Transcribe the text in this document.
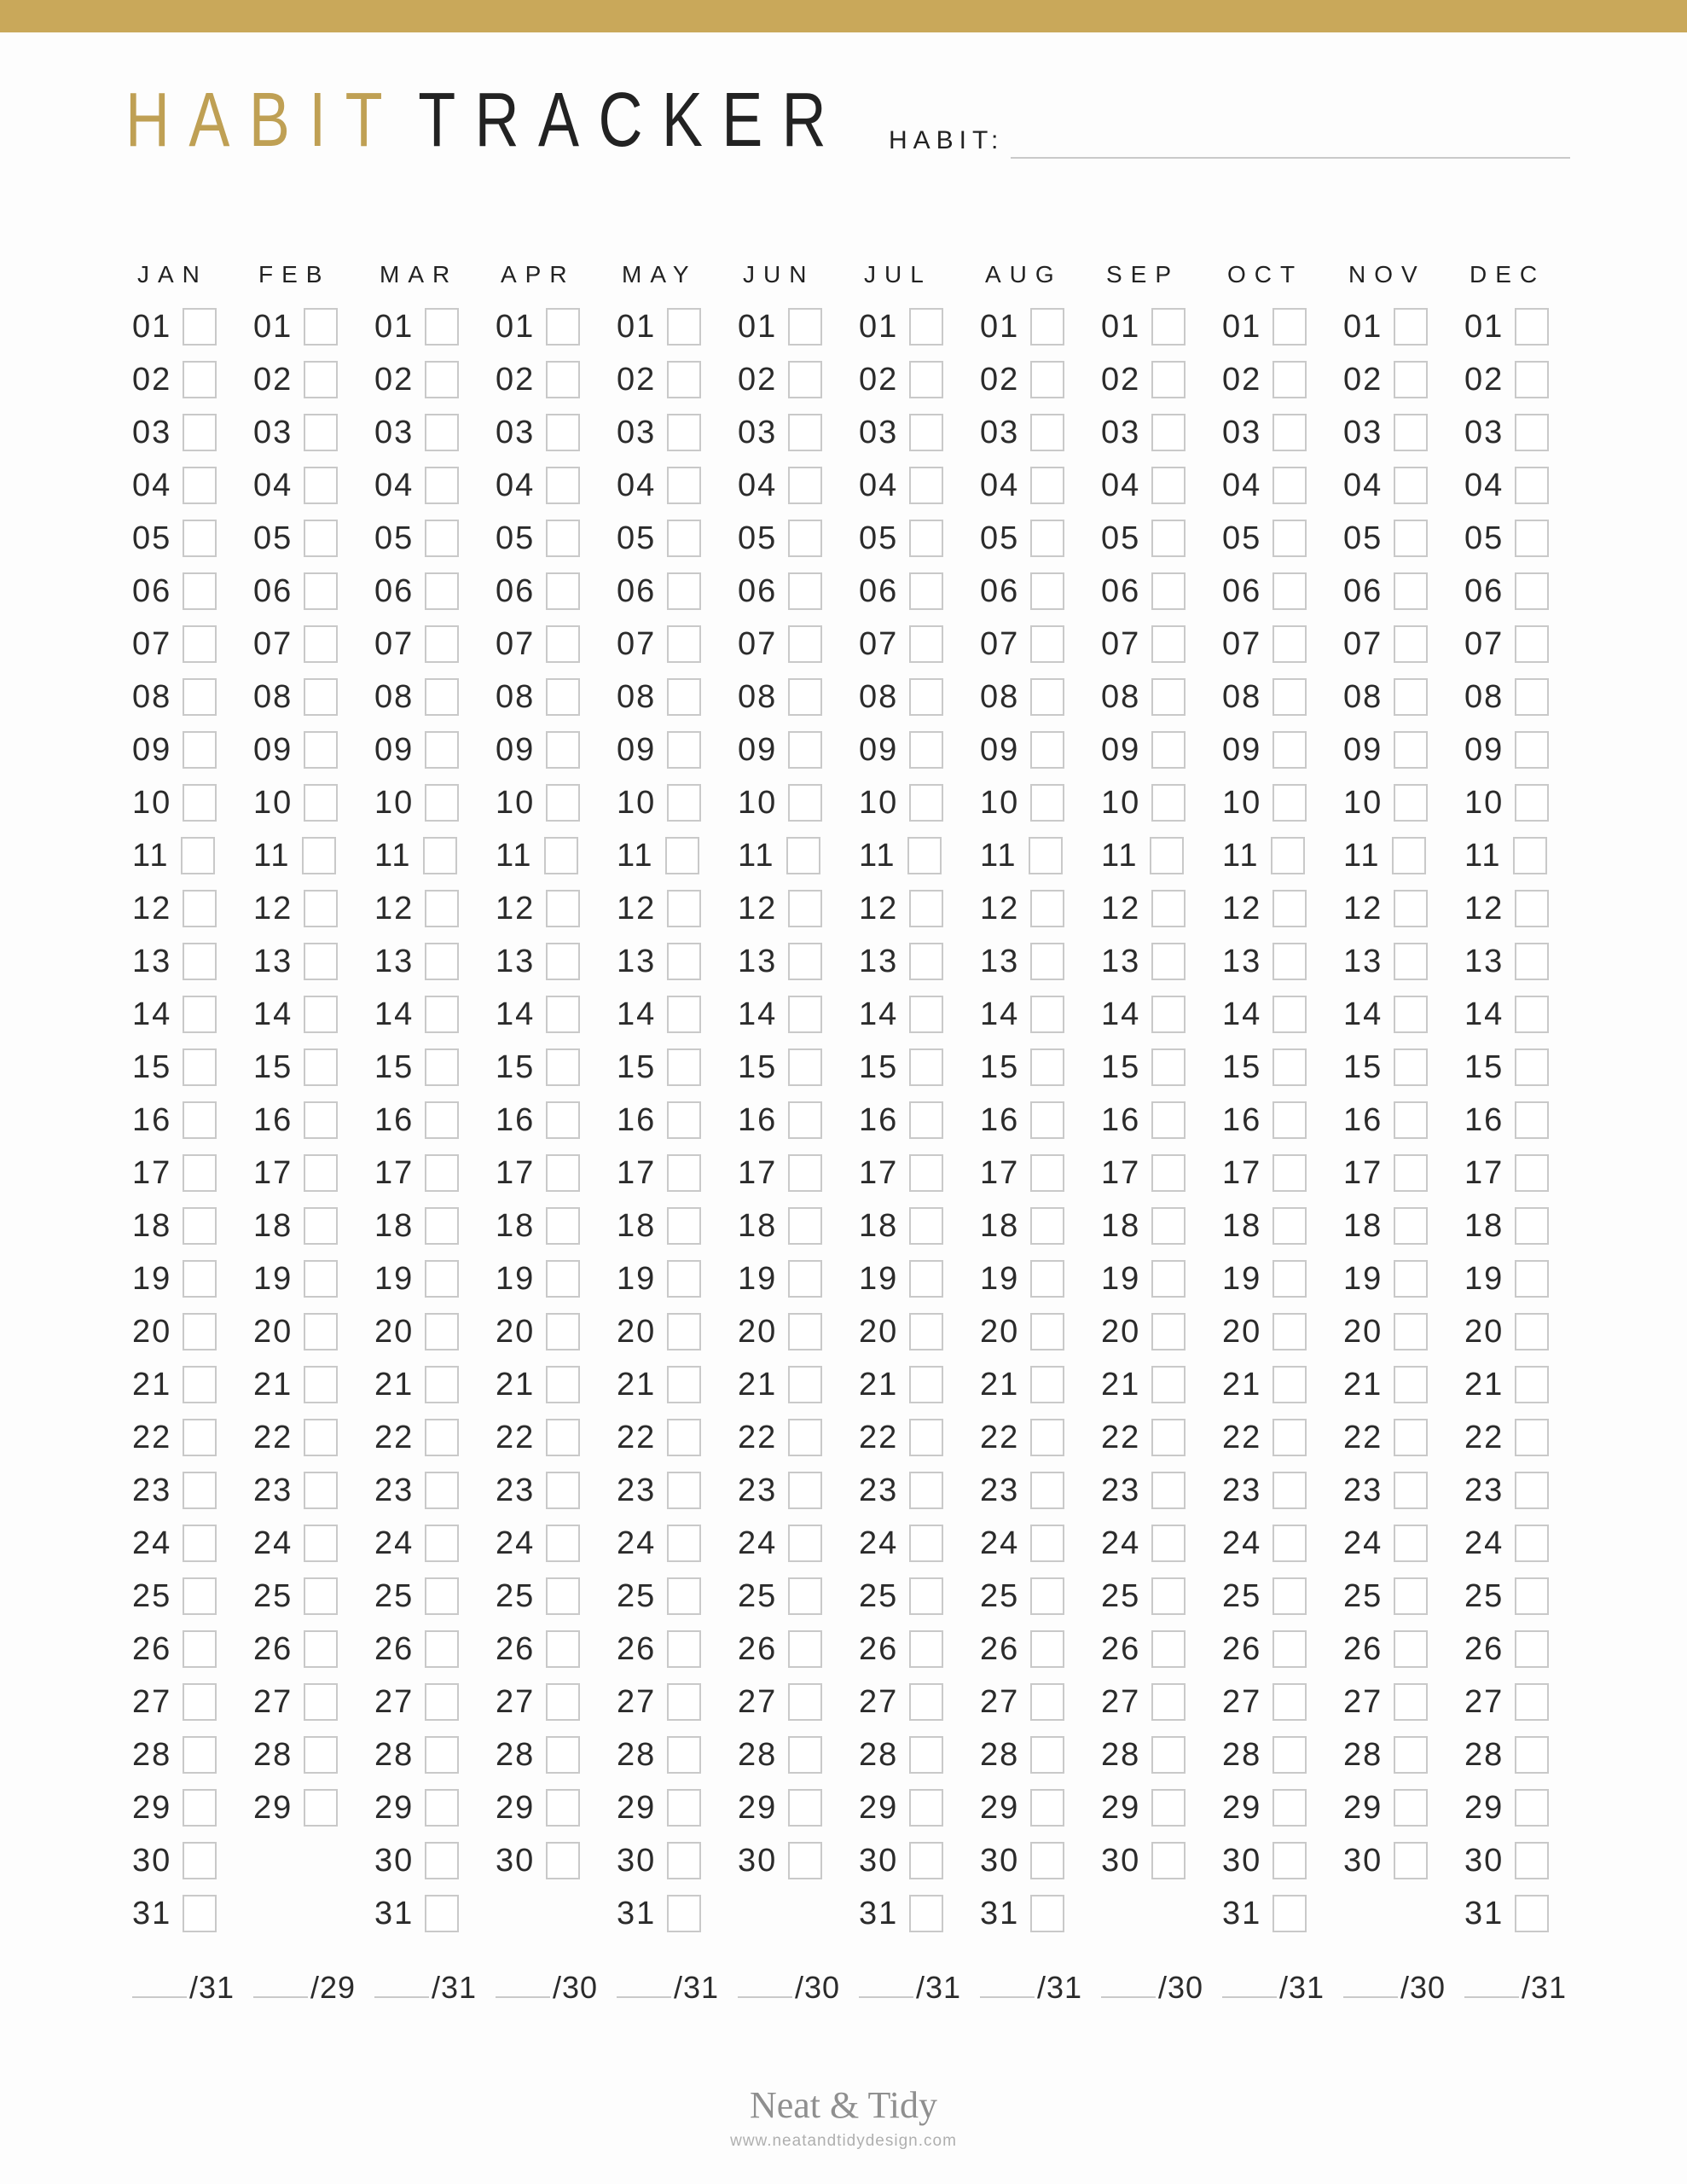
HABIT TRACKER HABIT:
JAN
01
02
03
04
05
06
07
08
09
10
11
12
13
14
15
16
17
18
19
20
21
22
23
24
25
26
27
28
29
30
31
/31
FEB
01
02
03
04
05
06
07
08
09
10
11
12
13
14
15
16
17
18
19
20
21
22
23
24
25
26
27
28
29
/29
MAR
01
02
03
04
05
06
07
08
09
10
11
12
13
14
15
16
17
18
19
20
21
22
23
24
25
26
27
28
29
30
31
/31
APR
01
02
03
04
05
06
07
08
09
10
11
12
13
14
15
16
17
18
19
20
21
22
23
24
25
26
27
28
29
30
/30
MAY
01
02
03
04
05
06
07
08
09
10
11
12
13
14
15
16
17
18
19
20
21
22
23
24
25
26
27
28
29
30
31
/31
JUN
01
02
03
04
05
06
07
08
09
10
11
12
13
14
15
16
17
18
19
20
21
22
23
24
25
26
27
28
29
30
/30
JUL
01
02
03
04
05
06
07
08
09
10
11
12
13
14
15
16
17
18
19
20
21
22
23
24
25
26
27
28
29
30
31
/31
AUG
01
02
03
04
05
06
07
08
09
10
11
12
13
14
15
16
17
18
19
20
21
22
23
24
25
26
27
28
29
30
31
/31
SEP
01
02
03
04
05
06
07
08
09
10
11
12
13
14
15
16
17
18
19
20
21
22
23
24
25
26
27
28
29
30
/30
OCT
01
02
03
04
05
06
07
08
09
10
11
12
13
14
15
16
17
18
19
20
21
22
23
24
25
26
27
28
29
30
31
/31
NOV
01
02
03
04
05
06
07
08
09
10
11
12
13
14
15
16
17
18
19
20
21
22
23
24
25
26
27
28
29
30
/30
DEC
01
02
03
04
05
06
07
08
09
10
11
12
13
14
15
16
17
18
19
20
21
22
23
24
25
26
27
28
29
30
31
/31
Neat & Tidy
www.neatandtidydesign.com
